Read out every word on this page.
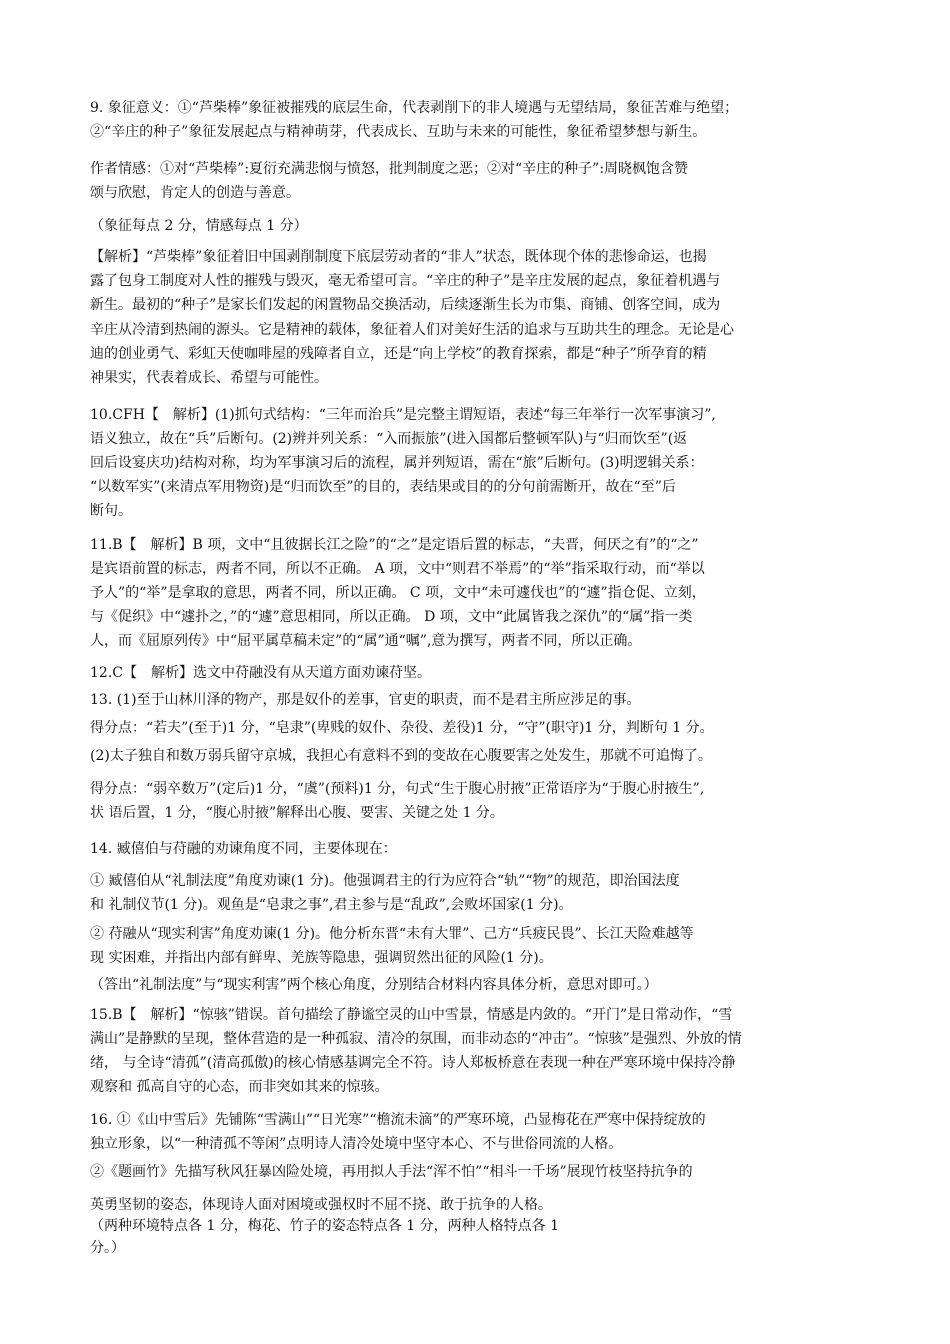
9. 象征意义：①“芦柴棒”象征被摧残的底层生命，代表剥削下的非人境遇与无望结局，象征苦难与绝望；

②“辛庄的种子”象征发展起点与精神萌芽，代表成长、互助与未来的可能性，象征希望梦想与新生。

作者情感：①对“芦柴棒”:夏衍充满悲悯与愤怒，批判制度之恶；②对“辛庄的种子”:周晓枫饱含赞

颂与欣慰，肯定人的创造与善意。

（象征每点 2 分，情感每点 1 分）

【解析】“芦柴棒”象征着旧中国剥削制度下底层劳动者的“非人”状态，既体现个体的悲惨命运，也揭

露了包身工制度对人性的摧残与毁灭，毫无希望可言。“辛庄的种子”是辛庄发展的起点，象征着机遇与

新生。最初的“种子”是家长们发起的闲置物品交换活动，后续逐渐生长为市集、商铺、创客空间，成为

辛庄从冷清到热闹的源头。它是精神的载体，象征着人们对美好生活的追求与互助共生的理念。无论是心

迪的创业勇气、彩虹天使咖啡屋的残障者自立，还是“向上学校”的教育探索，都是“种子”所孕育的精

神果实，代表着成长、希望与可能性。

10.CFH【　解析】(1)抓句式结构：“三年而治兵”是完整主谓短语，表述“每三年举行一次军事演习”,

语义独立，故在“兵”后断句。(2)辨并列关系：“入而振旅”(进入国都后整顿军队)与“归而饮至”(返

回后设宴庆功)结构对称，均为军事演习后的流程，属并列短语，需在“旅”后断句。(3)明逻辑关系：

“以数军实”(来清点军用物资)是“归而饮至”的目的，表结果或目的的分句前需断开，故在“至”后

断句。

11.B【　解析】B 项，文中“且彼据长江之险”的“之”是定语后置的标志，“夫晋，何厌之有”的“之”

是宾语前置的标志，两者不同，所以不正确。 A 项，文中“则君不举焉”的“举”指采取行动，而“举以

予人”的“举”是拿取的意思，两者不同，所以正确。 C 项，文中“未可遽伐也”的“遽”指仓促、立刻，

与《促织》中“遽扑之，”的“遽”意思相同，所以正确。 D 项，文中“此属皆我之深仇”的“属”指一类

人，而《屈原列传》中“屈平属草稿未定”的“属”通“嘱”,意为撰写，两者不同，所以正确。

12.C【　解析】选文中苻融没有从天道方面劝谏苻坚。

13. (1)至于山林川泽的物产，那是奴仆的差事，官吏的职责，而不是君主所应涉足的事。

得分点：“若夫”(至于)1 分，“皂隶”(卑贱的奴仆、杂役、差役)1 分，“守”(职守)1 分，判断句 1 分。

(2)太子独自和数万弱兵留守京城，我担心有意料不到的变故在心腹要害之处发生，那就不可追悔了。

得分点：“弱卒数万”(定后)1 分，“虞”(预料)1 分，句式“生于腹心肘掖”正常语序为“于腹心肘掖生”,

状 语后置，1 分，“腹心肘掖”解释出心腹、要害、关键之处 1 分。

14. 臧僖伯与苻融的劝谏角度不同，主要体现在：

① 臧僖伯从“礼制法度”角度劝谏(1 分)。他强调君主的行为应符合“轨”“物”的规范，即治国法度

和 礼制仪节(1 分)。观鱼是“皂隶之事”,君主参与是“乱政”,会败坏国家(1 分)。

② 苻融从“现实利害”角度劝谏(1 分)。他分析东晋“未有大罪”、己方“兵疲民畏”、长江天险难越等

现 实困难，并指出内部有鲜卑、羌族等隐患，强调贸然出征的风险(1 分)。

（答出“礼制法度”与“现实利害”两个核心角度，分别结合材料内容具体分析，意思对即可。）

15.B【　解析】“惊骇”错误。首句描绘了静谧空灵的山中雪景，情感是内敛的。“开门”是日常动作，“雪

满山”是静默的呈现，整体营造的是一种孤寂、清冷的氛围，而非动态的“冲击”。“惊骇”是强烈、外放的情

绪， 与全诗“清孤”(清高孤傲)的核心情感基调完全不符。诗人郑板桥意在表现一种在严寒环境中保持冷静

观察和 孤高自守的心态，而非突如其来的惊骇。

16. ①《山中雪后》先铺陈“雪满山”“日光寒”“檐流未滴”的严寒环境，凸显梅花在严寒中保持绽放的

独立形象，以“一种清孤不等闲”点明诗人清冷处境中坚守本心、不与世俗同流的人格。

②《题画竹》先描写秋风狂暴凶险处境，再用拟人手法“浑不怕”“相斗一千场”展现竹枝坚持抗争的

英勇坚韧的姿态，体现诗人面对困境或强权时不屈不挠、敢于抗争的人格。

（两种环境特点各 1 分，梅花、竹子的姿态特点各 1 分，两种人格特点各 1

分。）
